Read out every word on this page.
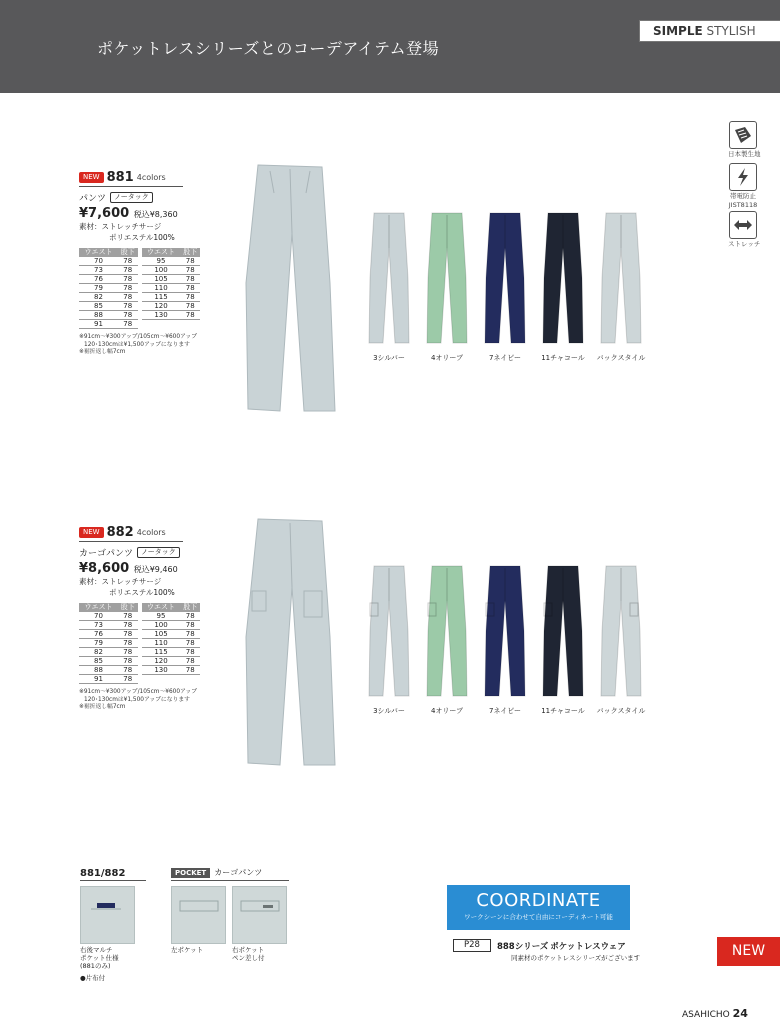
ポケットレスシリーズとのコーデアイテム登場
SIMPLE STYLISH
日本製生地
帯電防止
JIST8118
ストレッチ
NEW 881 4colors
パンツ	ノータック
¥7,600 税込¥8,360
素材：ストレッチサージ
ポリエステル100%
ウエスト	股下		ウエスト	股下
70	78		95	78
73	78		100	78
76	78		105	78
79	78		110	78
82	78		115	78
85	78		120	78
88	78		130	78
91	78			
※91cm〜¥300アップ/105cm〜¥600アップ
120･130cmは¥1,500アップになります
※裾折返し幅7cm
NEW 882 4colors
カーゴパンツ	ノータック
¥8,600 税込¥9,460
素材：ストレッチサージ
ポリエステル100%
ウエスト	股下		ウエスト	股下
70	78		95	78
73	78		100	78
76	78		105	78
79	78		110	78
82	78		115	78
85	78		120	78
88	78		130	78
91	78			
※91cm〜¥300アップ/105cm〜¥600アップ
120･130cmは¥1,500アップになります
※裾折返し幅7cm
3シルバー	4オリーブ	7ネイビー	11チャコール	バックスタイル
3シルバー	4オリーブ	7ネイビー	11チャコール	バックスタイル
881/882
右後マルチ
ポケット仕様
(881のみ)
●片布付
POCKET	カーゴパンツ
左ポケット	右ポケット
ペン差し付
COORDINATE
ワークシーンに合わせて自由にコーディネート可能
P28	888シリーズ ポケットレスウェア
同素材のポケットレスシリーズがございます	NEW
ASAHICHO 24
